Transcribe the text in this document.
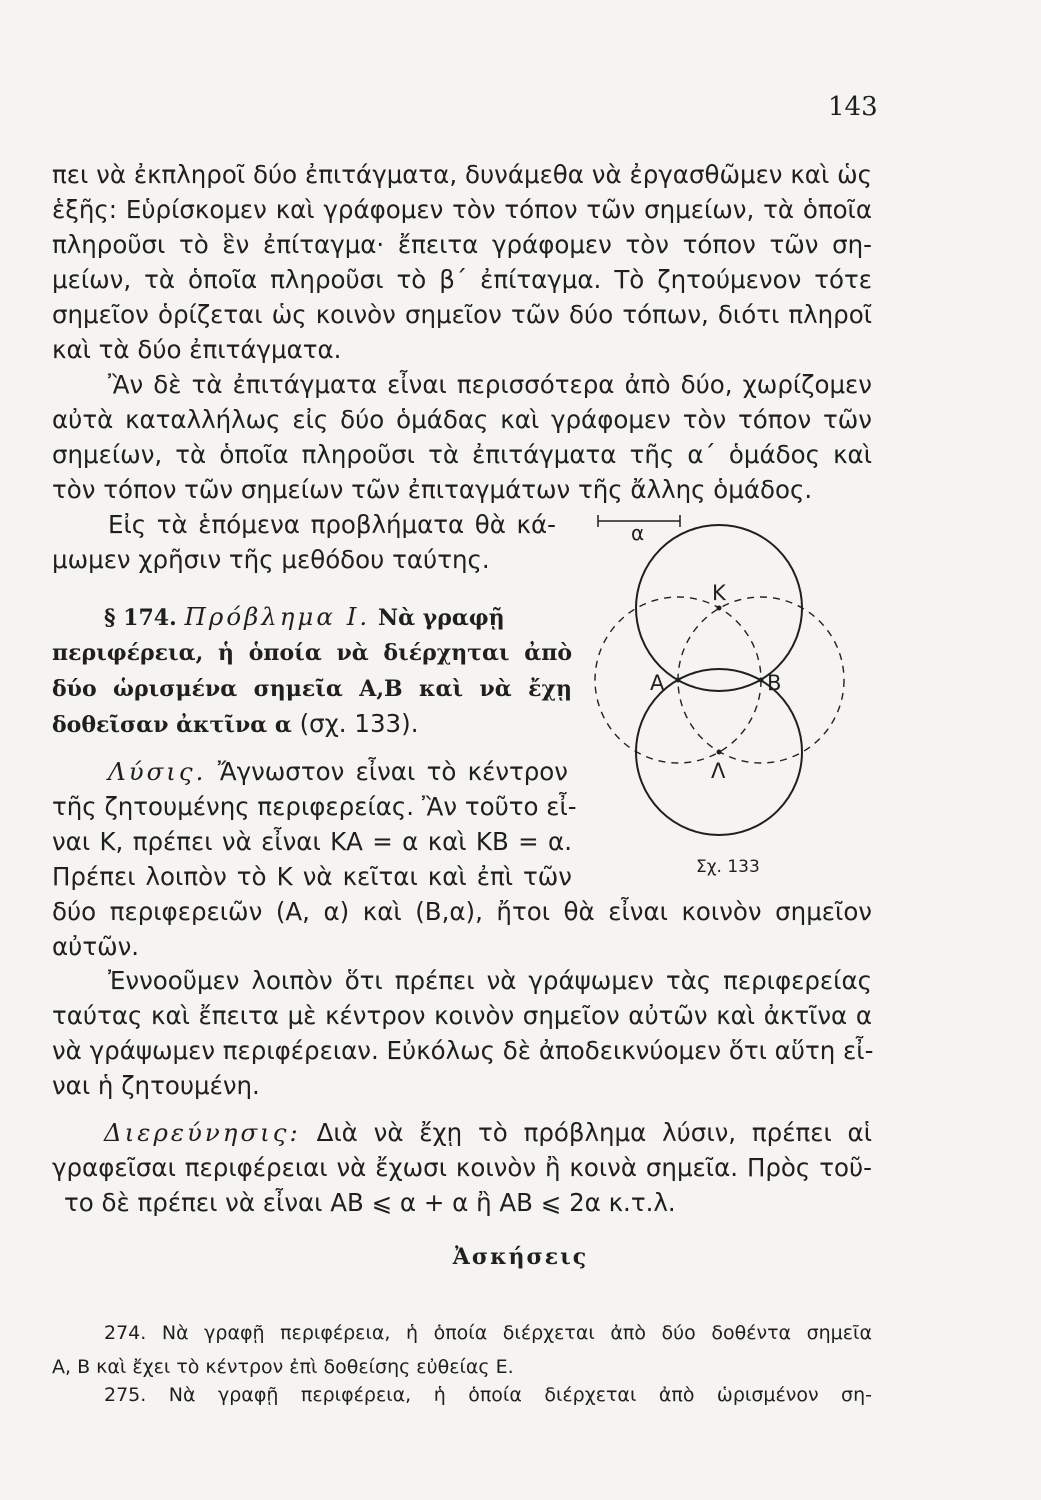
143
πει νὰ ἐκπληροῖ δύο ἐπιτάγματα, δυνάμεθα νὰ ἐργασθῶμεν καὶ ὡς
ἑξῆς: Εὑρίσκομεν καὶ γράφομεν τὸν τόπον τῶν σημείων, τὰ ὁποῖα
πληροῦσι τὸ ἓν ἐπίταγμα· ἔπειτα γράφομεν τὸν τόπον τῶν ση-
μείων, τὰ ὁποῖα πληροῦσι τὸ β΄ ἐπίταγμα. Τὸ ζητούμενον τότε
σημεῖον ὁρίζεται ὡς κοινὸν σημεῖον τῶν δύο τόπων, διότι πληροῖ
καὶ τὰ δύο ἐπιτάγματα.
Ἂν δὲ τὰ ἐπιτάγματα εἶναι περισσότερα ἀπὸ δύο, χωρίζομεν
αὐτὰ καταλλήλως εἰς δύο ὁμάδας καὶ γράφομεν τὸν τόπον τῶν
σημείων, τὰ ὁποῖα πληροῦσι τὰ ἐπιτάγματα τῆς α΄ ὁμάδος καὶ
τὸν τόπον τῶν σημείων τῶν ἐπιταγμάτων τῆς ἄλλης ὁμάδος.
Εἰς τὰ ἑπόμενα προβλήματα θὰ κά-
μωμεν χρῆσιν τῆς μεθόδου ταύτης.
§ 174. Πρόβλημα Ι. Νὰ γραφῇ
περιφέρεια, ἡ ὁποία νὰ διέρχηται ἀπὸ
δύο ὡρισμένα σημεῖα Α,Β καὶ νὰ ἔχῃ
δοθεῖσαν ἀκτῖνα α (σχ. 133).
Λύσις. Ἄγνωστον εἶναι τὸ κέντρον
τῆς ζητουμένης περιφερείας. Ἂν τοῦτο εἶ-
ναι Κ, πρέπει νὰ εἶναι ΚΑ = α καὶ ΚΒ = α.
Πρέπει λοιπὸν τὸ Κ νὰ κεῖται καὶ ἐπὶ τῶν
δύο περιφερειῶν (Α, α) καὶ (Β,α), ἤτοι θὰ εἶναι κοινὸν σημεῖον
αὐτῶν.
Ἐννοοῦμεν λοιπὸν ὅτι πρέπει νὰ γράψωμεν τὰς περιφερείας
ταύτας καὶ ἔπειτα μὲ κέντρον κοινὸν σημεῖον αὐτῶν καὶ ἀκτῖνα α
νὰ γράψωμεν περιφέρειαν. Εὐκόλως δὲ ἀποδεικνύομεν ὅτι αὕτη εἶ-
ναι ἡ ζητουμένη.
Διερεύνησις: Διὰ νὰ ἔχῃ τὸ πρόβλημα λύσιν, πρέπει αἱ
γραφεῖσαι περιφέρειαι νὰ ἔχωσι κοινὸν ἢ κοινὰ σημεῖα. Πρὸς τοῦ-
το δὲ πρέπει νὰ εἶναι ΑΒ ⩽ α + α ἢ ΑΒ ⩽ 2α κ.τ.λ.
Ἀσκήσεις
274. Νὰ γραφῇ περιφέρεια, ἡ ὁποία διέρχεται ἀπὸ δύο δοθέντα σημεῖα
Α, Β καὶ ἔχει τὸ κέντρον ἐπὶ δοθείσης εὐθείας Ε.
275. Νὰ γραφῇ περιφέρεια, ἡ ὁποία διέρχεται ἀπὸ ὡρισμένον ση-
α
Κ
Α	Β
Λ
Σχ. 133
